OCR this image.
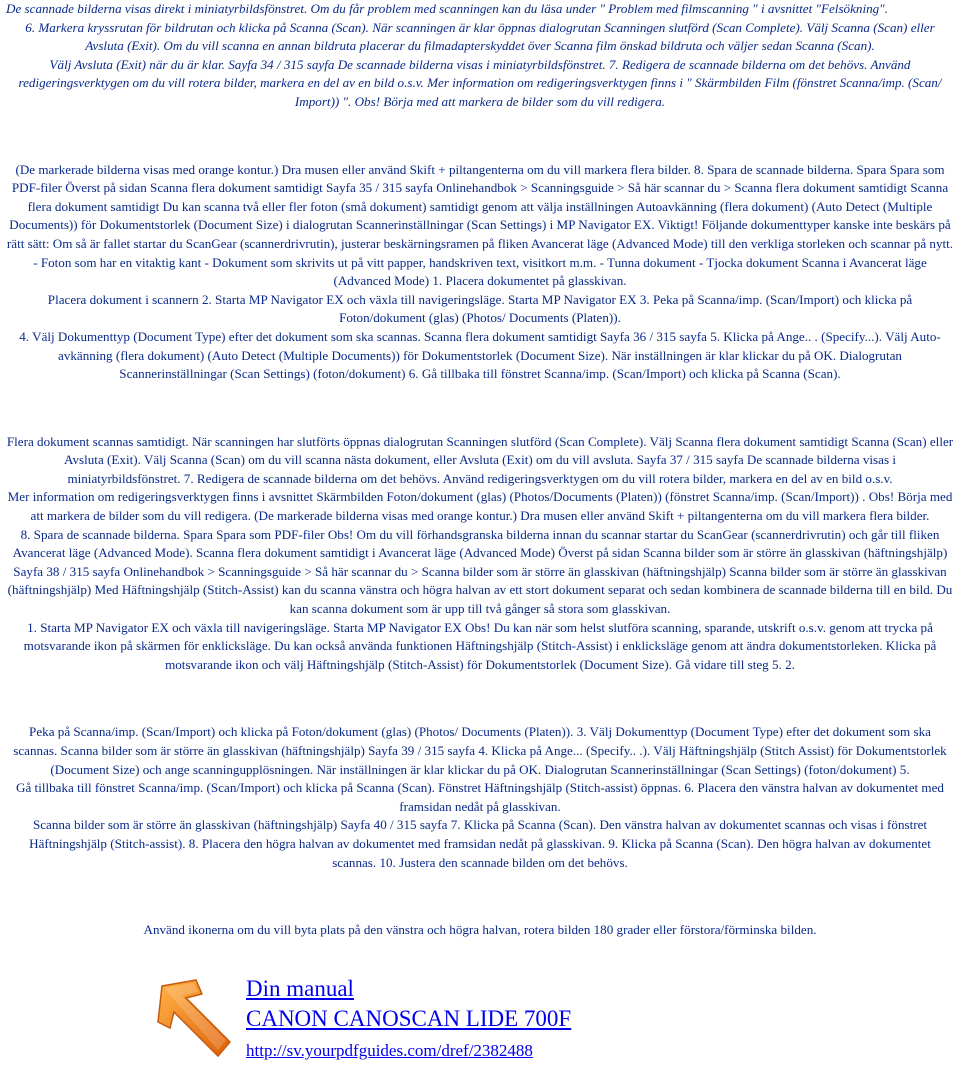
De scannade bilderna visas direkt i miniatyrbildsfönstret. Om du får problem med scanningen kan du läsa under " Problem med filmscanning " i avsnittet "Felsökning".

6. Markera kryssrutan för bildrutan och klicka på Scanna (Scan). När scanningen är klar öppnas dialogrutan Scanningen slutförd (Scan Complete). Välj Scanna (Scan) eller Avsluta (Exit). Om du vill scanna en annan bildruta placerar du filmadapterskyddet över Scanna film önskad bildruta och väljer sedan Scanna (Scan).

Välj Avsluta (Exit) när du är klar. Sayfa 34 / 315 sayfa De scannade bilderna visas i miniatyrbildsfönstret. 7. Redigera de scannade bilderna om det behövs. Använd redigeringsverktygen om du vill rotera bilder, markera en del av en bild o.s.v. Mer information om redigeringsverktygen finns i " Skärmbilden Film (fönstret Scanna/imp. (Scan/ Import)) ". Obs! Börja med att markera de bilder som du vill redigera.

(De markerade bilderna visas med orange kontur.) Dra musen eller använd Skift + piltangenterna om du vill markera flera bilder. 8. Spara de scannade bilderna. Spara Spara som PDF-filer Överst på sidan Scanna flera dokument samtidigt Sayfa 35 / 315 sayfa Onlinehandbok > Scanningsguide > Så här scannar du > Scanna flera dokument samtidigt Scanna flera dokument samtidigt Du kan scanna två eller fler foton (små dokument) samtidigt genom att välja inställningen Autoavkänning (flera dokument) (Auto Detect (Multiple Documents)) för Dokumentstorlek (Document Size) i dialogrutan Scannerinställningar (Scan Settings) i MP Navigator EX. Viktigt! Följande dokumenttyper kanske inte beskärs på rätt sätt: Om så är fallet startar du ScanGear (scannerdrivrutin), justerar beskärningsramen på fliken Avancerat läge (Advanced Mode) till den verkliga storleken och scannar på nytt. - Foton som har en vitaktig kant - Dokument som skrivits ut på vitt papper, handskriven text, visitkort m.m. - Tunna dokument - Tjocka dokument Scanna i Avancerat läge (Advanced Mode) 1. Placera dokumentet på glasskivan.

Placera dokument i scannern 2. Starta MP Navigator EX och växla till navigeringsläge. Starta MP Navigator EX 3. Peka på Scanna/imp. (Scan/Import) och klicka på Foton/dokument (glas) (Photos/ Documents (Platen)).

4. Välj Dokumenttyp (Document Type) efter det dokument som ska scannas. Scanna flera dokument samtidigt Sayfa 36 / 315 sayfa 5. Klicka på Ange.. . (Specify...). Välj Auto-avkänning (flera dokument) (Auto Detect (Multiple Documents)) för Dokumentstorlek (Document Size). När inställningen är klar klickar du på OK. Dialogrutan Scannerinställningar (Scan Settings) (foton/dokument) 6. Gå tillbaka till fönstret Scanna/imp. (Scan/Import) och klicka på Scanna (Scan).

Flera dokument scannas samtidigt. När scanningen har slutförts öppnas dialogrutan Scanningen slutförd (Scan Complete). Välj Scanna flera dokument samtidigt Scanna (Scan) eller Avsluta (Exit). Välj Scanna (Scan) om du vill scanna nästa dokument, eller Avsluta (Exit) om du vill avsluta. Sayfa 37 / 315 sayfa De scannade bilderna visas i miniatyrbildsfönstret. 7. Redigera de scannade bilderna om det behövs. Använd redigeringsverktygen om du vill rotera bilder, markera en del av en bild o.s.v.

Mer information om redigeringsverktygen finns i avsnittet Skärmbilden Foton/dokument (glas) (Photos/Documents (Platen)) (fönstret Scanna/imp. (Scan/Import)) . Obs! Börja med att markera de bilder som du vill redigera. (De markerade bilderna visas med orange kontur.) Dra musen eller använd Skift + piltangenterna om du vill markera flera bilder.

8. Spara de scannade bilderna. Spara Spara som PDF-filer Obs! Om du vill förhandsgranska bilderna innan du scannar startar du ScanGear (scannerdrivrutin) och går till fliken Avancerat läge (Advanced Mode). Scanna flera dokument samtidigt i Avancerat läge (Advanced Mode) Överst på sidan Scanna bilder som är större än glasskivan (häftningshjälp) Sayfa 38 / 315 sayfa Onlinehandbok > Scanningsguide > Så här scannar du > Scanna bilder som är större än glasskivan (häftningshjälp) Scanna bilder som är större än glasskivan (häftningshjälp) Med Häftningshjälp (Stitch-Assist) kan du scanna vänstra och högra halvan av ett stort dokument separat och sedan kombinera de scannade bilderna till en bild. Du kan scanna dokument som är upp till två gånger så stora som glasskivan.

1. Starta MP Navigator EX och växla till navigeringsläge. Starta MP Navigator EX Obs! Du kan när som helst slutföra scanning, sparande, utskrift o.s.v. genom att trycka på motsvarande ikon på skärmen för enklicksläge. Du kan också använda funktionen Häftningshjälp (Stitch-Assist) i enklicksläge genom att ändra dokumentstorleken. Klicka på motsvarande ikon och välj Häftningshjälp (Stitch-Assist) för Dokumentstorlek (Document Size). Gå vidare till steg 5. 2.

Peka på Scanna/imp. (Scan/Import) och klicka på Foton/dokument (glas) (Photos/ Documents (Platen)). 3. Välj Dokumenttyp (Document Type) efter det dokument som ska scannas. Scanna bilder som är större än glasskivan (häftningshjälp) Sayfa 39 / 315 sayfa 4. Klicka på Ange... (Specify.. .). Välj Häftningshjälp (Stitch Assist) för Dokumentstorlek (Document Size) och ange scanningupplösningen. När inställningen är klar klickar du på OK. Dialogrutan Scannerinställningar (Scan Settings) (foton/dokument) 5.

Gå tillbaka till fönstret Scanna/imp. (Scan/Import) och klicka på Scanna (Scan). Fönstret Häftningshjälp (Stitch-assist) öppnas. 6. Placera den vänstra halvan av dokumentet med framsidan nedåt på glasskivan.

Scanna bilder som är större än glasskivan (häftningshjälp) Sayfa 40 / 315 sayfa 7. Klicka på Scanna (Scan). Den vänstra halvan av dokumentet scannas och visas i fönstret Häftningshjälp (Stitch-assist). 8. Placera den högra halvan av dokumentet med framsidan nedåt på glasskivan. 9. Klicka på Scanna (Scan). Den högra halvan av dokumentet scannas. 10. Justera den scannade bilden om det behövs.

Använd ikonerna om du vill byta plats på den vänstra och högra halvan, rotera bilden 180 grader eller förstora/förminska bilden.

Din manual
CANON CANOSCAN LIDE 700F
http://sv.yourpdfguides.com/dref/2382488
